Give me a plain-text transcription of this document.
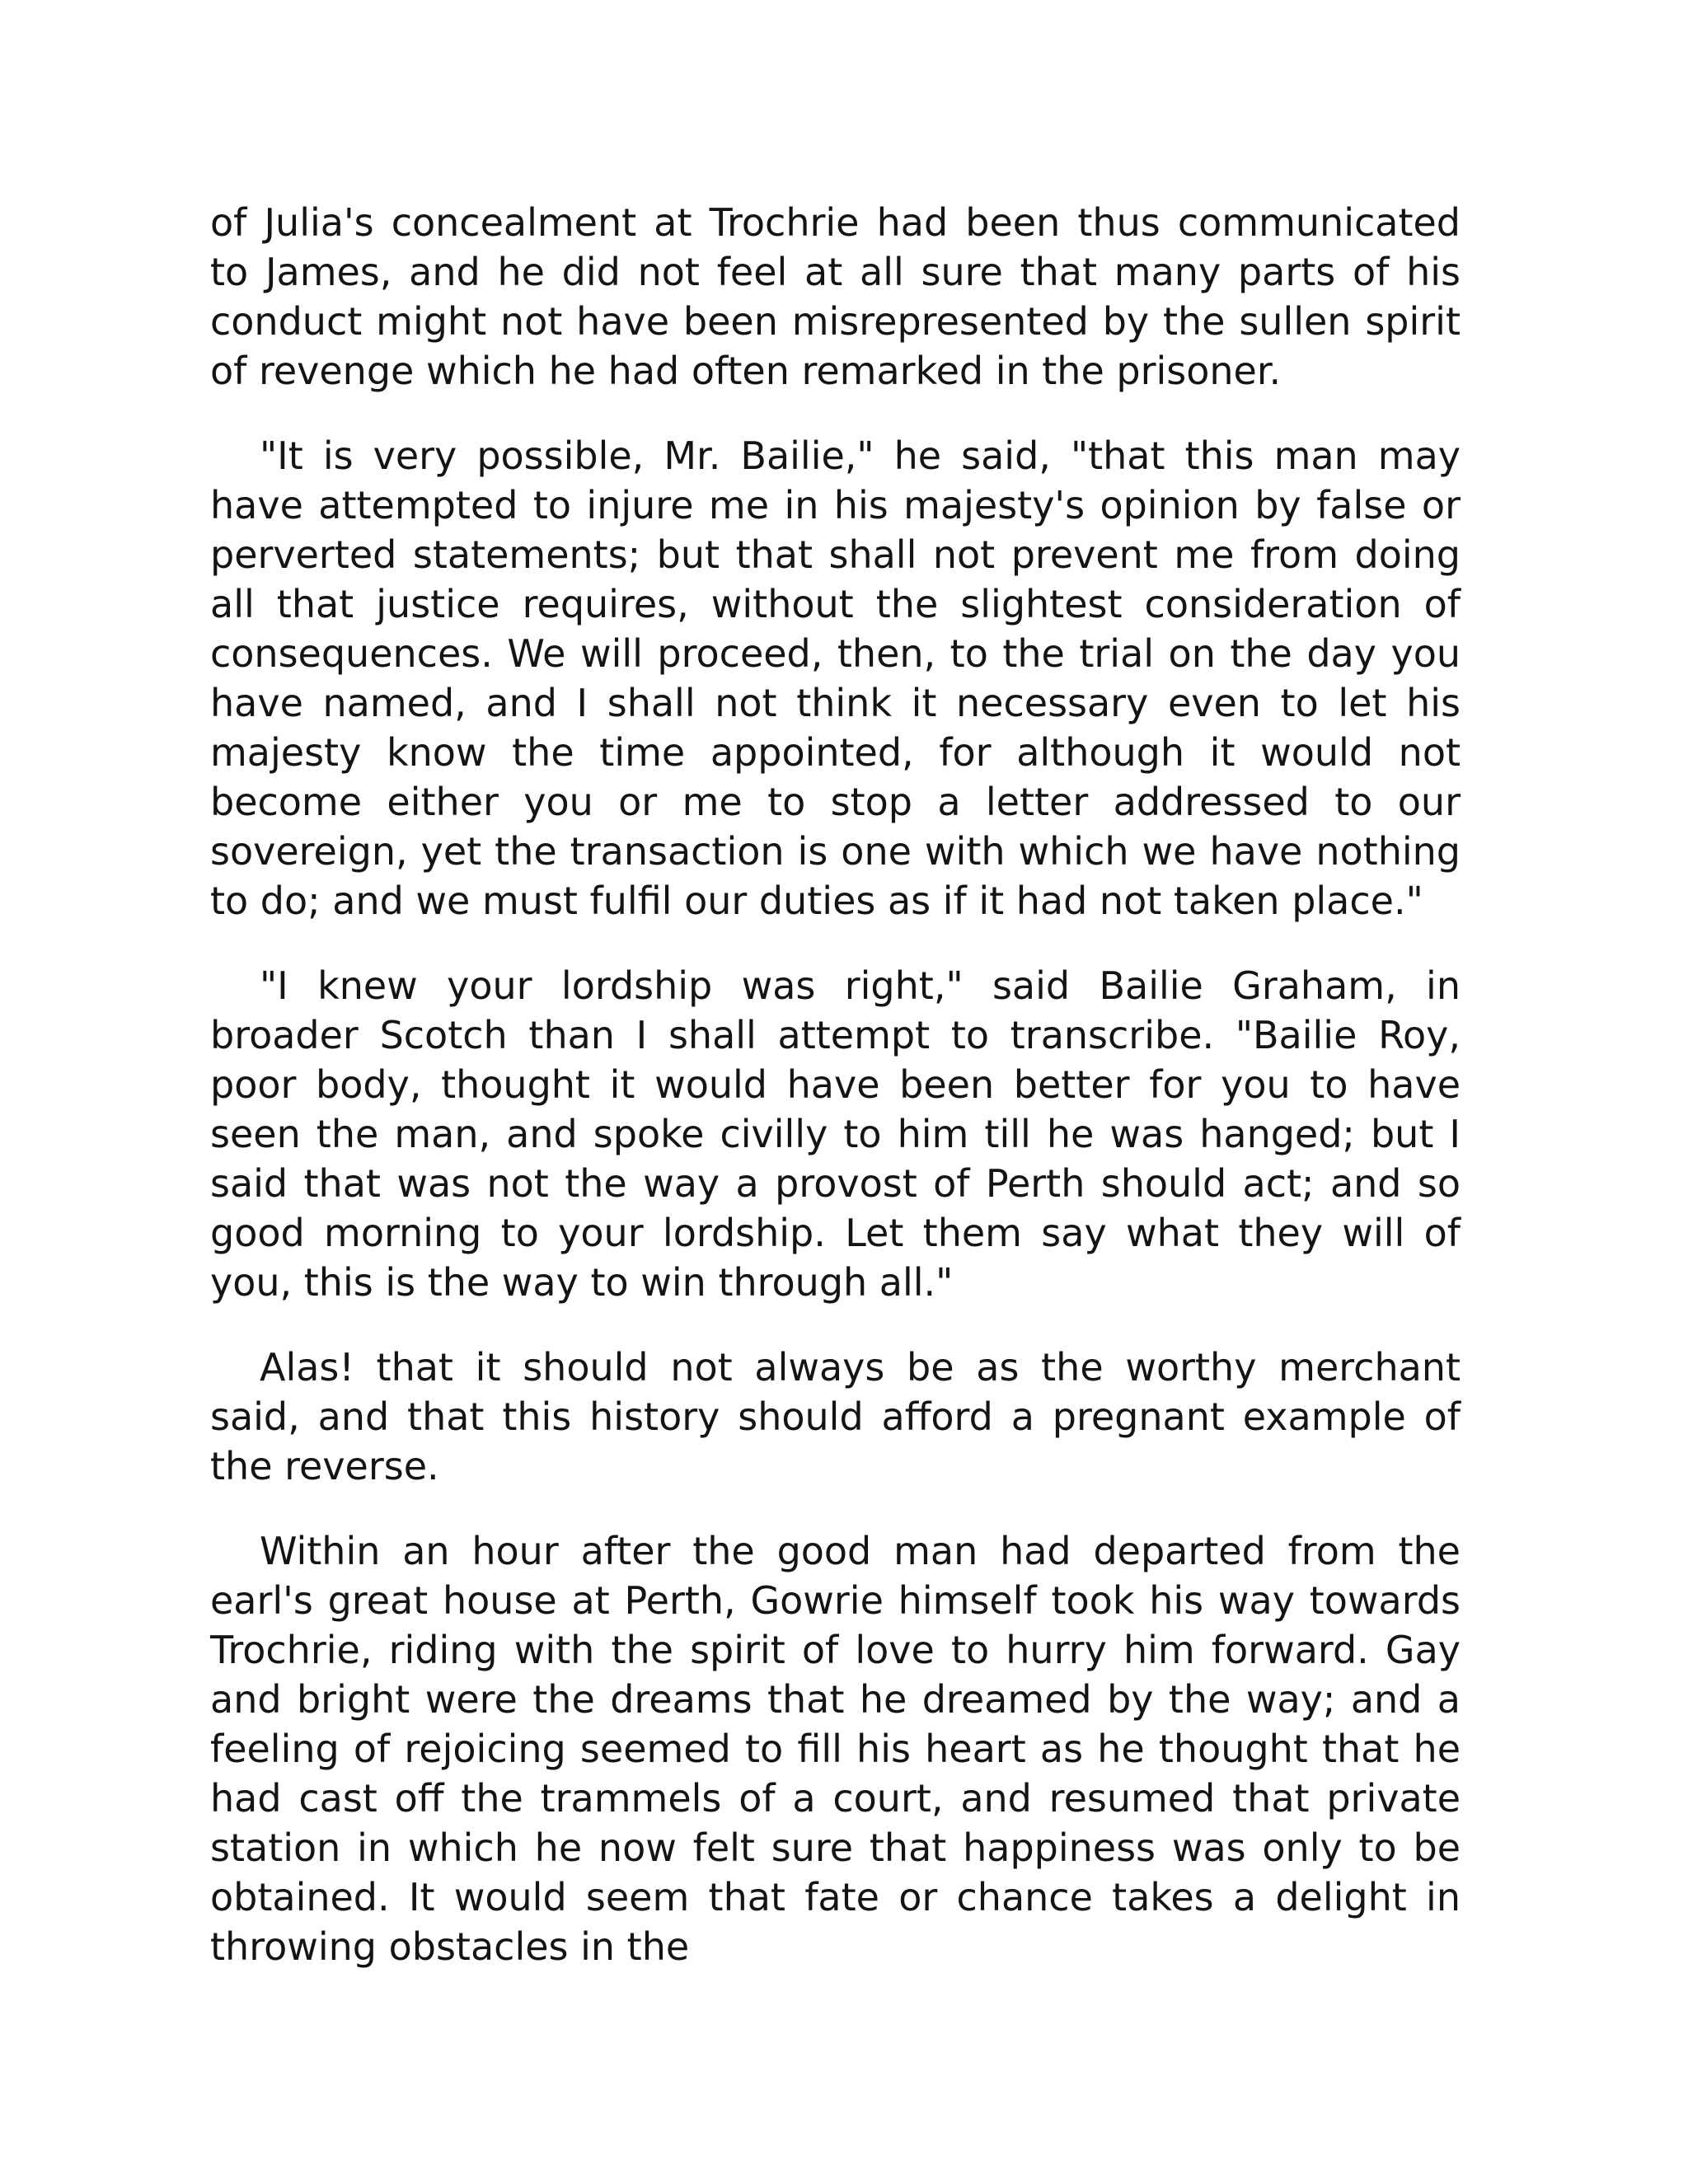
of Julia's concealment at Trochrie had been thus communicated to James, and he did not feel at all sure that many parts of his conduct might not have been misrepresented by the sullen spirit of revenge which he had often remarked in the prisoner.

"It is very possible, Mr. Bailie," he said, "that this man may have attempted to injure me in his majesty's opinion by false or perverted statements; but that shall not prevent me from doing all that justice requires, without the slightest consideration of consequences. We will proceed, then, to the trial on the day you have named, and I shall not think it necessary even to let his majesty know the time appointed, for although it would not become either you or me to stop a letter addressed to our sovereign, yet the transaction is one with which we have nothing to do; and we must fulfil our duties as if it had not taken place."

"I knew your lordship was right," said Bailie Graham, in broader Scotch than I shall attempt to transcribe. "Bailie Roy, poor body, thought it would have been better for you to have seen the man, and spoke civilly to him till he was hanged; but I said that was not the way a provost of Perth should act; and so good morning to your lordship. Let them say what they will of you, this is the way to win through all."

Alas! that it should not always be as the worthy merchant said, and that this history should afford a pregnant example of the reverse.

Within an hour after the good man had departed from the earl's great house at Perth, Gowrie himself took his way towards Trochrie, riding with the spirit of love to hurry him forward. Gay and bright were the dreams that he dreamed by the way; and a feeling of rejoicing seemed to fill his heart as he thought that he had cast off the trammels of a court, and resumed that private station in which he now felt sure that happiness was only to be obtained. It would seem that fate or chance takes a delight in throwing obstacles in the
